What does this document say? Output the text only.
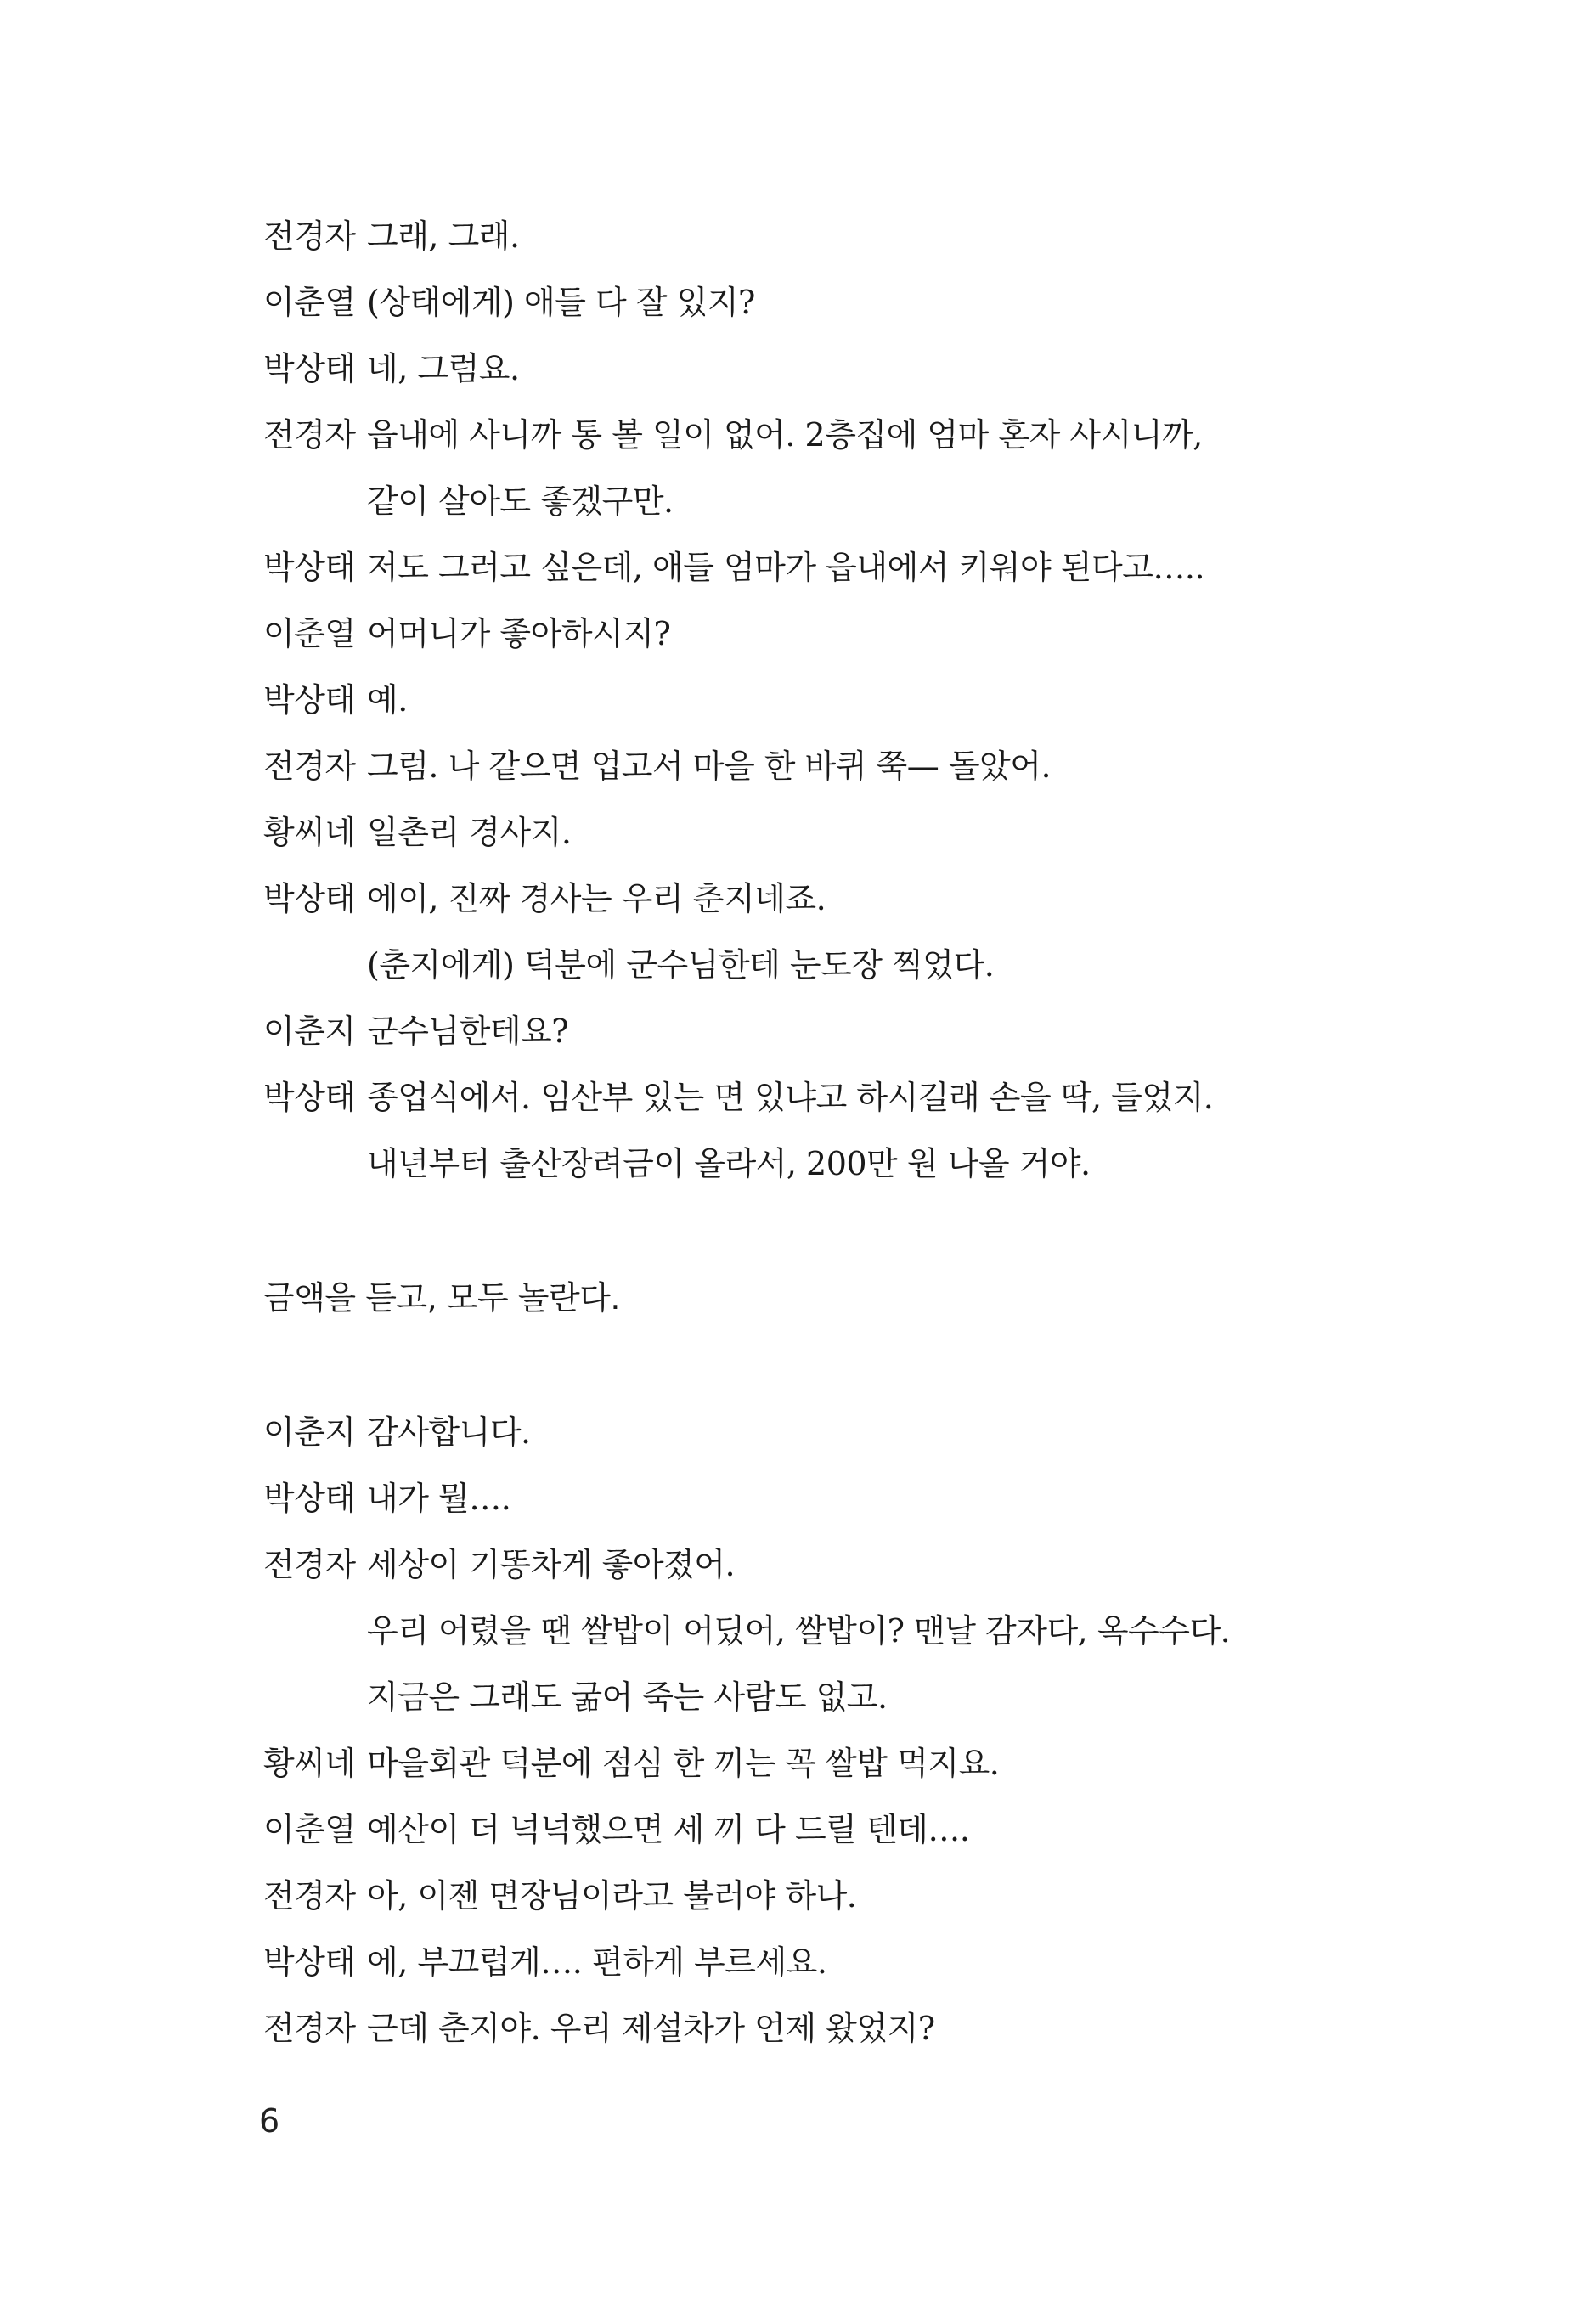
전경자 그래, 그래.
이춘열 (상태에게) 애들 다 잘 있지?
박상태 네, 그럼요.
전경자 읍내에 사니까 통 볼 일이 없어. 2층집에 엄마 혼자 사시니까,
같이 살아도 좋겠구만.
박상태 저도 그러고 싶은데, 애들 엄마가 읍내에서 키워야 된다고…..
이춘열 어머니가 좋아하시지?
박상태 예.
전경자 그럼. 나 같으면 업고서 마을 한 바퀴 쭉— 돌았어.
황씨네 일촌리 경사지.
박상태 에이, 진짜 경사는 우리 춘지네죠.
(춘지에게) 덕분에 군수님한테 눈도장 찍었다.
이춘지 군수님한테요?
박상태 종업식에서. 임산부 있는 면 있냐고 하시길래 손을 딱, 들었지.
내년부터 출산장려금이 올라서, 200만 원 나올 거야.
금액을 듣고, 모두 놀란다.
이춘지 감사합니다.
박상태 내가 뭘….
전경자 세상이 기똥차게 좋아졌어.
우리 어렸을 땐 쌀밥이 어딨어, 쌀밥이? 맨날 감자다, 옥수수다.
지금은 그래도 굶어 죽는 사람도 없고.
황씨네 마을회관 덕분에 점심 한 끼는 꼭 쌀밥 먹지요.
이춘열 예산이 더 넉넉했으면 세 끼 다 드릴 텐데….
전경자 아, 이젠 면장님이라고 불러야 하나.
박상태 에, 부끄럽게…. 편하게 부르세요.
전경자 근데 춘지야. 우리 제설차가 언제 왔었지?
6
